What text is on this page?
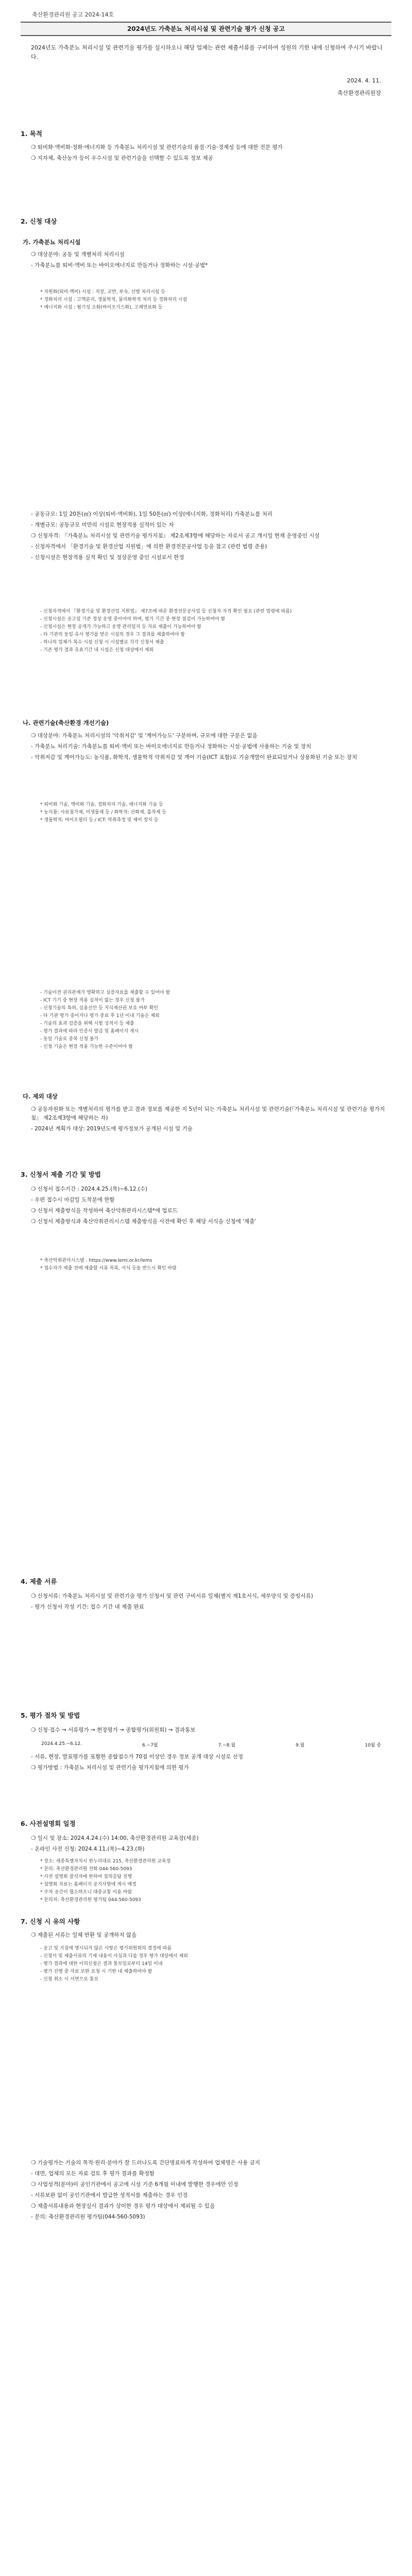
축산환경관리원 공고 2024-14호
2024년도 가축분뇨 처리시설 및 관련기술 평가 신청 공고
2024년도 가축분뇨 처리시설 및 관련기술 평가를 실시하오니 해당 업체는 관련 제출서류를 구비하여 성원의 기한 내에 신청하여 주시기 바랍니다.
2024. 4. 11.
축산환경관리원장
1. 목적

❍ 퇴비화·액비화·정화·에너지화 등 가축분뇨 처리시설 및 관련기술의 품질·기술·경제성 등에 대한 전문 평가

❍ 지자체, 축산농가 등이 우수시설 및 관련기술을 선택할 수 있도록 정보 제공

2. 신청 대상
가. 가축분뇨 처리시설

❍ 대상분야: 공동 및 개별처리 처리시설

- 가축분뇨를 퇴비·액비 또는 바이오에너지로 만들거나 정화하는 시설·공법*

* 자원화(퇴비·액비) 시설 : 저장, 교반, 부숙, 선별 처리시설 등

* 정화처리 시설 : 고액분리, 생물학적, 물리화학적 처리 등 정화처리 시설

* 에너지화 시설 : 혐기성 소화(바이오가스화), 고체연료화 등

- 공동규모: 1일 20톤(㎥) 이상(퇴비·액비화), 1일 50톤(㎥) 이상(에너지화, 정화처리) 가축분뇨를 처리

- 개별규모: 공동규모 미만의 시설로 현장적용 실적이 있는 자

❍ 신청자격: 『가축분뇨 처리시설 및 관련기술 평가지침』 제2조제3항에 해당하는 자로서 공고 개시일 현재 운영중인 시설

- 신청자격에서 「환경기술 및 환경산업 지원법」에 의한 환경전문공사업 등을 참고 (관련 법령 준용)

- 신청시설은 현장적용 실적 확인 및 정상운영 중인 시설로서 한정

- 신청자격에서 『환경기술 및 환경산업 지원법』 제7조에 따른 환경전문공사업 등 신청자 자격 확인 필요 (관련 법령에 따름)

- 신청시설은 공고일 기준 정상 운영 중이어야 하며, 평가 기간 중 현장 점검이 가능하여야 함

- 신청시설은 현장 공개가 가능하고 운영 관리일지 등 자료 제출이 가능하여야 함

- 타 기관의 동일·유사 평가를 받은 시설의 경우 그 결과를 제출하여야 함

- 하나의 업체가 복수 시설 신청 시 시설별로 각각 신청서 제출

- 기존 평가 결과 유효기간 내 시설은 신청 대상에서 제외

나. 관련기술(축산환경 개선기술)

❍ 대상분야: 가축분뇨 처리시설의 '악취저감' 및 '계어가능도' 구분하며, 규모에 대한 구분은 없음

- 가축분뇨 처리기술: 가축분뇨를 퇴비·액비 또는 바이오에너지로 만들거나 정화하는 시설·공법에 사용하는 기술 및 장치

- 악취저감 및 계어가능도: 농식품, 화학적, 생물학적 악취저감 및 계어 기술(ICT 포함)로 기술개발이 완료되었거나 상용화된 기술 또는 장치

* 퇴비화 기술, 액비화 기술, 정화처리 기술, 에너지화 기술 등

* 농식품: 사료첨가제, 미생물제 등 / 화학적: 산화제, 흡착제 등

* 생물학적: 바이오필터 등 / ICT: 악취측정 및 제어 장치 등

- 기술이전 권리관계가 명확하고 실증자료를 제출할 수 있어야 함

- ICT 기기 중 현장 적용 실적이 없는 경우 신청 불가

- 신청기술의 특허, 실용신안 등 지식재산권 보유 여부 확인

- 타 기관 평가 중이거나 평가 종료 후 1년 이내 기술은 제외

- 기술의 효과 검증을 위해 시험 성적서 등 제출

- 평가 결과에 따라 인증서 발급 및 홈페이지 게시

- 동일 기술로 중복 신청 불가

- 신청 기술은 현장 적용 가능한 수준이어야 함

다. 제외 대상

❍ 공동자원화 또는 개별처리의 평가를 받고 결과 정보를 제공한 지 5년이 되는 가축분뇨 처리시설 및 관련기술(『가축분뇨 처리시설 및 관련기술 평가지침』 제2조제3항에 해당하는 자)

- 2024년 계획가 대상: 2019년도에 평가정보가 공개된 시설 및 기술

3. 신청서 제출 기간 및 방법

❍ 신청서 접수기간 : 2024.4.25.(목)~6.12.(수)

- 우편 접수시 마감일 도착분에 한함

❍ 신청서 제출방식을 작성하여 축산악취관리시스템*에 업로드

❍ 신청서 제출방식과 축산악취관리시스템 제출방식을 사전에 확인 후 해당 서식을 신청에 '제출'

* 축산악취관리시스템 : https://www.lemi.or.kr/lems

* 접수자가 제출 전에 제출할 서류 목록, 서식 등을 반드시 확인 바람

4. 제출 서류

❍ 신청서류: 가축분뇨 처리시설 및 관련기술 평가 신청서 및 관련 구비서류 일체(별지 제1호서식, 세부양식 및 증빙서류)

- 평가 신청서 작성 기간: 접수 기간 내 제출 완료

5. 평가 절차 및 방법
❍ 신청·접수 → 서류평가 → 현장평가 → 종합평가(위원회) → 결과통보
2024.4.25.~6.12.	6.~7월	7.~8.월	9.월	10월 중

- 서류, 현장, 발표평가를 포함한 종합점수가 70점 이상인 경우 정보 공개 대상 시설로 선정

❍ 평가방법 : 가축분뇨 처리시설 및 관련기술 평가지침에 의한 평가

6. 사전설명회 일정

❍ 일시 및 장소: 2024.4.24.(수) 14:00, 축산환경관리원 교육장(세종)

- 온라인 사전 신청: 2024.4.11.(목)~4.23.(화)

* 장소: 세종특별자치시 한누리대로 215, 축산환경관리원 교육장

* 문의: 축산환경관리원 전화 044-560-5093

* 사전 설명회 참석자에 한하여 질의응답 진행

* 설명회 자료는 홈페이지 공지사항에 게시 예정

* 주차 공간이 협소하오니 대중교통 이용 바람

* 문의처: 축산환경관리원 평가팀 044-560-5093

7. 신청 시 유의 사항

❍ 제출된 서류는 일체 반환 및 공개하지 않음

- 공고 및 지침에 명시되지 않은 사항은 평가위원회의 결정에 따름

- 신청서 및 제출서류의 기재 내용이 사실과 다를 경우 평가 대상에서 제외

- 평가 결과에 대한 이의신청은 결과 통보일로부터 14일 이내

- 평가 진행 중 자료 보완 요청 시 기한 내 제출하여야 함

- 신청 취소 시 서면으로 통보

❍ 기술평가는 기술의 목적·원리·분야가 잘 드러나도록 간단명료하게 작성하여 업체명은 사용 금지

- 대면, 업체의 모든 자료 검토 후 평가 결과를 확정함

❍ 사업성격(분야)이 공인기관에서 공고에 시설 기준 6개월 이내에 발행한 경우에만 인정

- 서류보완 없이 공인기관에서 발급한 성적서를 제출하는 경우 인정

❍ 제출서류내용과 현장실사 결과가 상이한 경우 평가 대상에서 제외될 수 있음

- 문의: 축산환경관리원 평가팀(044-560-5093)
